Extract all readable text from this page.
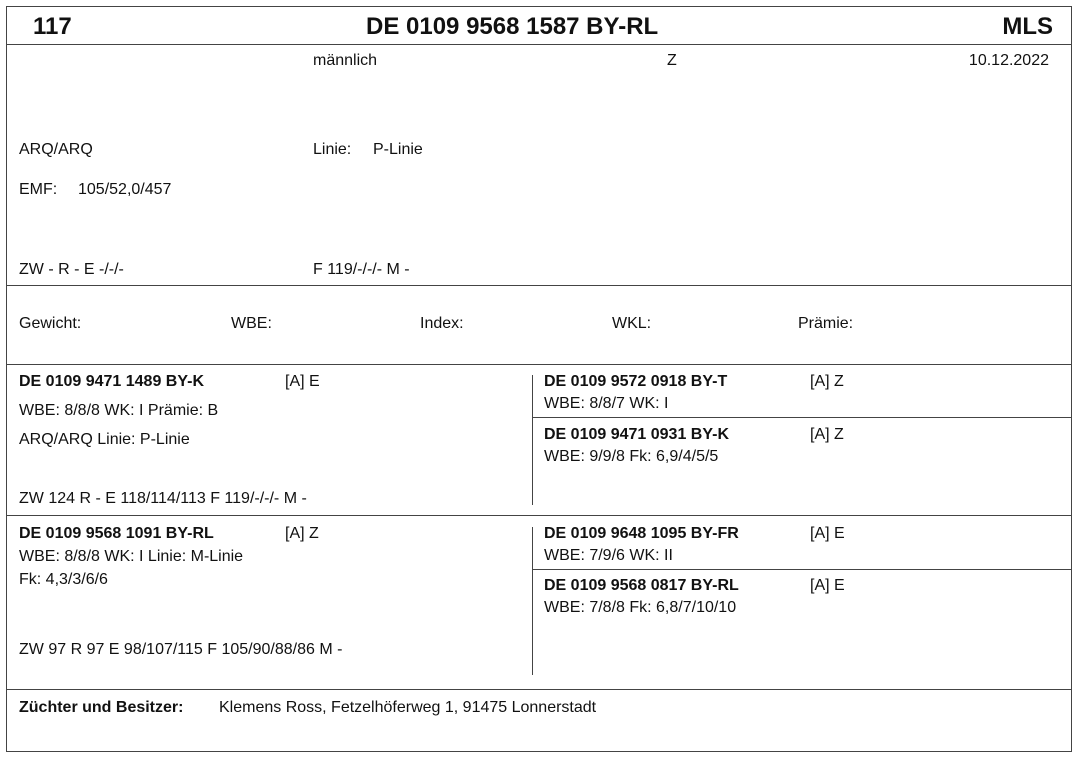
117	DE 0109 9568 1587 BY-RL	MLS
männlich	Z	10.12.2022
ARQ/ARQ	Linie: P-Linie
EMF: 105/52,0/457
ZW - R - E -/-/-	F 119/-/-/- M -
Gewicht:	WBE:	Index:	WKL:	Prämie:
DE 0109 9471 1489 BY-K	[A] E
WBE: 8/8/8 WK: I Prämie: B
ARQ/ARQ Linie: P-Linie
ZW 124 R - E 118/114/113 F 119/-/-/- M -
DE 0109 9572 0918 BY-T	[A] Z
WBE: 8/8/7 WK: I
DE 0109 9471 0931 BY-K	[A] Z
WBE: 9/9/8 Fk: 6,9/4/5/5
DE 0109 9568 1091 BY-RL	[A] Z
WBE: 8/8/8 WK: I Linie: M-Linie
Fk: 4,3/3/6/6
ZW 97 R 97 E 98/107/115 F 105/90/88/86 M -
DE 0109 9648 1095 BY-FR	[A] E
WBE: 7/9/6 WK: II
DE 0109 9568 0817 BY-RL	[A] E
WBE: 7/8/8 Fk: 6,8/7/10/10
Züchter und Besitzer: Klemens Ross, Fetzelhöferweg 1, 91475 Lonnerstadt
